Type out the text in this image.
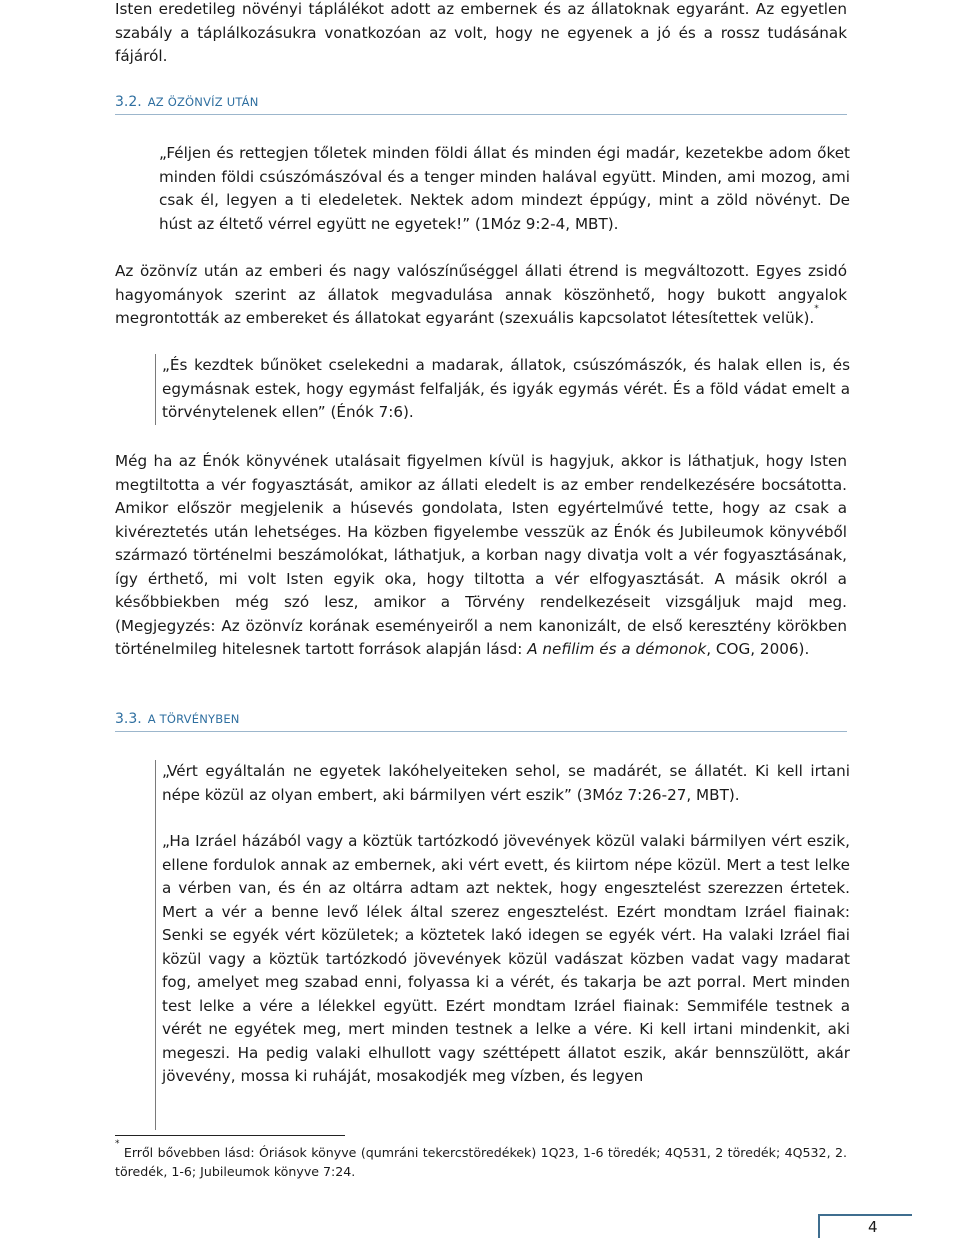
Isten eredetileg növényi táplálékot adott az embernek és az állatoknak egyaránt. Az egyetlen szabály a táplálkozásukra vonatkozóan az volt, hogy ne egyenek a jó és a rossz tudásának fájáról.

3.2. AZ ÖZÖNVÍZ UTÁN

„Féljen és rettegjen tőletek minden földi állat és minden égi madár, kezetekbe adom őket minden földi csúszómászóval és a tenger minden halával együtt. Minden, ami mozog, ami csak él, legyen a ti eledeletek. Nektek adom mindezt éppúgy, mint a zöld növényt. De húst az éltető vérrel együtt ne egyetek!” (1Móz 9:2-4, MBT).

Az özönvíz után az emberi és nagy valószínűséggel állati étrend is megváltozott. Egyes zsidó hagyományok szerint az állatok megvadulása annak köszönhető, hogy bukott angyalok megrontották az embereket és állatokat egyaránt (szexuális kapcsolatot létesítettek velük).*

„És kezdtek bűnöket cselekedni a madarak, állatok, csúszómászók, és halak ellen is, és egymásnak estek, hogy egymást felfalják, és igyák egymás vérét. És a föld vádat emelt a törvénytelenek ellen” (Énók 7:6).

Még ha az Énók könyvének utalásait figyelmen kívül is hagyjuk, akkor is láthatjuk, hogy Isten megtiltotta a vér fogyasztását, amikor az állati eledelt is az ember rendelkezésére bocsátotta. Amikor először megjelenik a húsevés gondolata, Isten egyértelművé tette, hogy az csak a kivéreztetés után lehetséges. Ha közben figyelembe vesszük az Énók és Jubileumok könyvéből származó történelmi beszámolókat, láthatjuk, a korban nagy divatja volt a vér fogyasztásának, így érthető, mi volt Isten egyik oka, hogy tiltotta a vér elfogyasztását. A másik okról a későbbiekben még szó lesz, amikor a Törvény rendelkezéseit vizsgáljuk majd meg. (Megjegyzés: Az özönvíz korának eseményeiről a nem kanonizált, de első keresztény körökben történelmileg hitelesnek tartott források alapján lásd: A nefilim és a démonok, COG, 2006).

3.3. A TÖRVÉNYBEN

„Vért egyáltalán ne egyetek lakóhelyeiteken sehol, se madárét, se állatét. Ki kell irtani népe közül az olyan embert, aki bármilyen vért eszik” (3Móz 7:26-27, MBT).

„Ha Izráel házából vagy a köztük tartózkodó jövevények közül valaki bármilyen vért eszik, ellene fordulok annak az embernek, aki vért evett, és kiirtom népe közül. Mert a test lelke a vérben van, és én az oltárra adtam azt nektek, hogy engesztelést szerezzen értetek. Mert a vér a benne levő lélek által szerez engesztelést. Ezért mondtam Izráel fiainak: Senki se egyék vért közületek; a köztetek lakó idegen se egyék vért. Ha valaki Izráel fiai közül vagy a köztük tartózkodó jövevények közül vadászat közben vadat vagy madarat fog, amelyet meg szabad enni, folyassa ki a vérét, és takarja be azt porral. Mert minden test lelke a vére a lélekkel együtt. Ezért mondtam Izráel fiainak: Semmiféle testnek a vérét ne egyétek meg, mert minden testnek a lelke a vére. Ki kell irtani mindenkit, aki megeszi. Ha pedig valaki elhullott vagy széttépett állatot eszik, akár bennszülött, akár jövevény, mossa ki ruháját, mosakodjék meg vízben, és legyen

* Erről bővebben lásd: Óriások könyve (qumráni tekercstöredékek) 1Q23, 1-6 töredék; 4Q531, 2 töredék; 4Q532, 2. töredék, 1-6; Jubileumok könyve 7:24.
4
